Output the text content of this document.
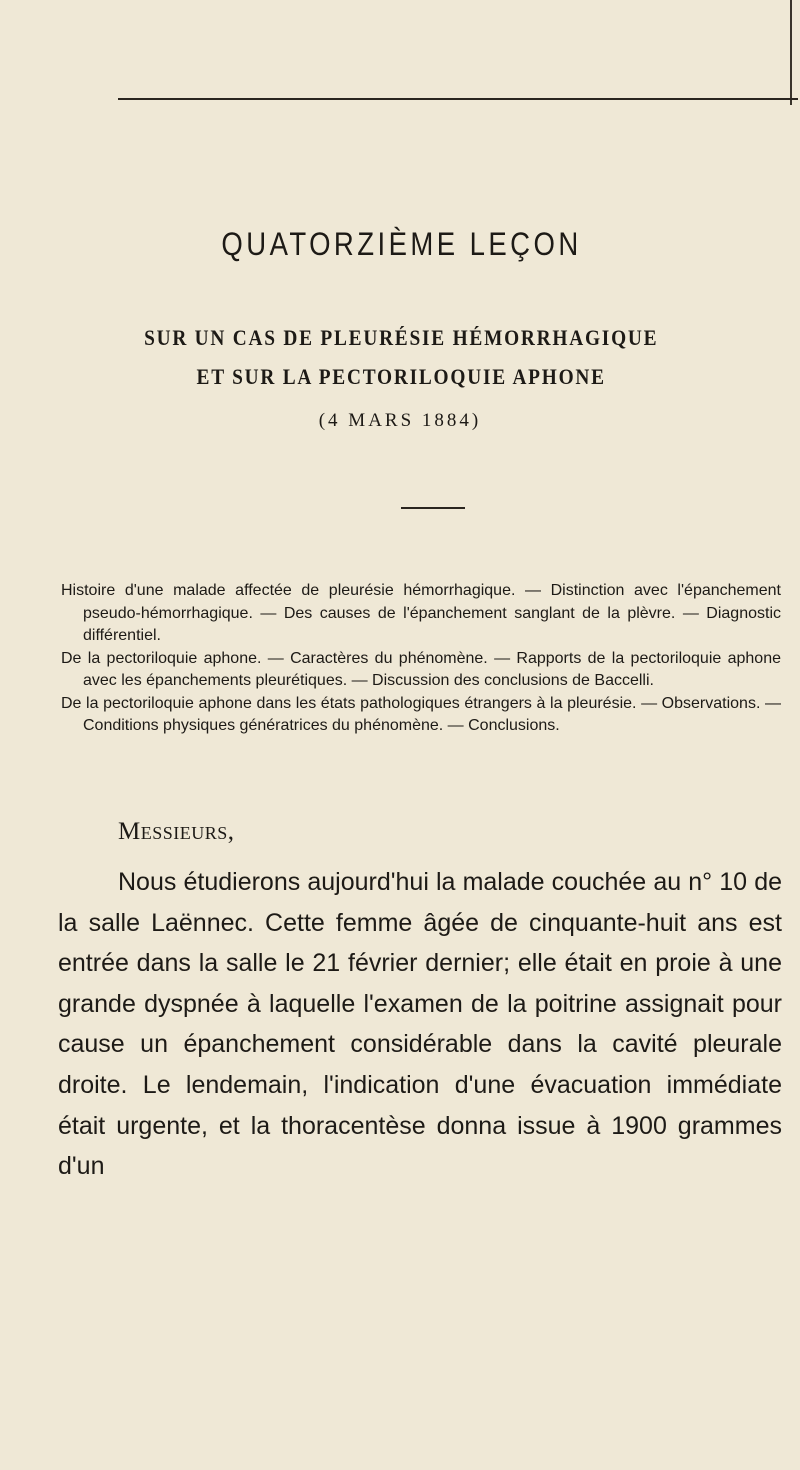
QUATORZIÈME LEÇON
SUR UN CAS DE PLEURÉSIE HÉMORRHAGIQUE
ET SUR LA PECTORILOQUIE APHONE
(4 MARS 1884)

Histoire d'une malade affectée de pleurésie hémorrhagique. — Distinction avec l'épanchement pseudo-hémorrhagique. — Des causes de l'épanchement sanglant de la plèvre. — Diagnostic différentiel.

De la pectoriloquie aphone. — Caractères du phénomène. — Rapports de la pectoriloquie aphone avec les épanchements pleurétiques. — Discussion des conclusions de Baccelli.

De la pectoriloquie aphone dans les états pathologiques étrangers à la pleurésie. — Observations. — Conditions physiques génératrices du phénomène. — Conclusions.

Messieurs,

Nous étudierons aujourd'hui la malade couchée au n° 10 de la salle Laënnec. Cette femme âgée de cinquante-huit ans est entrée dans la salle le 21 février dernier; elle était en proie à une grande dyspnée à laquelle l'examen de la poitrine assignait pour cause un épanchement considérable dans la cavité pleurale droite. Le lendemain, l'indication d'une évacuation immédiate était urgente, et la thoracentèse donna issue à 1900 grammes d'un
